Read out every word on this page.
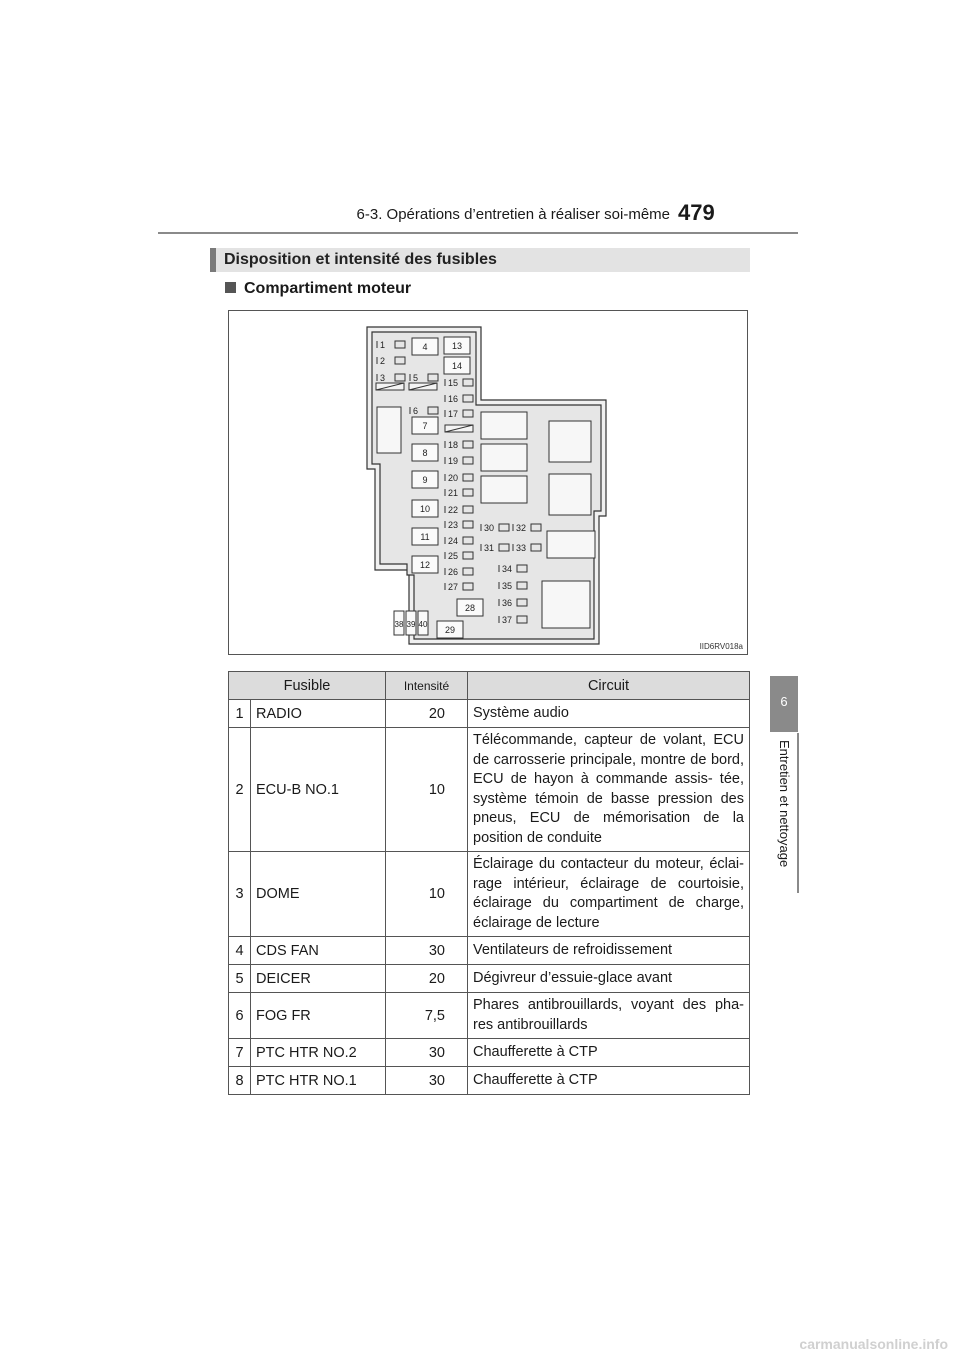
6-3. Opérations d’entretien à réaliser soi-même 479
Disposition et intensité des fusibles
Compartiment moteur
1
2
3
4
5
6
7
8
9
10
11
12
13
14
15
16
17
18
19
20
21
22
23
24
25
26
27
28
29
30
31
32
33
34
35
36
37
38 39 40
IID6RV018a
Fusible		Intensité	Circuit
1	RADIO	20	Système audio
2	ECU-B NO.1	10	Télécommande, capteur de volant, ECU de carrosserie principale, montre de bord, ECU de hayon à commande assis- tée, système témoin de basse pression des pneus, ECU de mémorisation de la position de conduite
3	DOME	10	Éclairage du contacteur du moteur, éclai- rage intérieur, éclairage de courtoisie, éclairage du compartiment de charge, éclairage de lecture
4	CDS FAN	30	Ventilateurs de refroidissement
5	DEICER	20	Dégivreur d’essuie-glace avant
6	FOG FR	7,5	Phares antibrouillards, voyant des pha- res antibrouillards
7	PTC HTR NO.2	30	Chaufferette à CTP
8	PTC HTR NO.1	30	Chaufferette à CTP
6
Entretien et nettoyage
carmanualsonline.info
